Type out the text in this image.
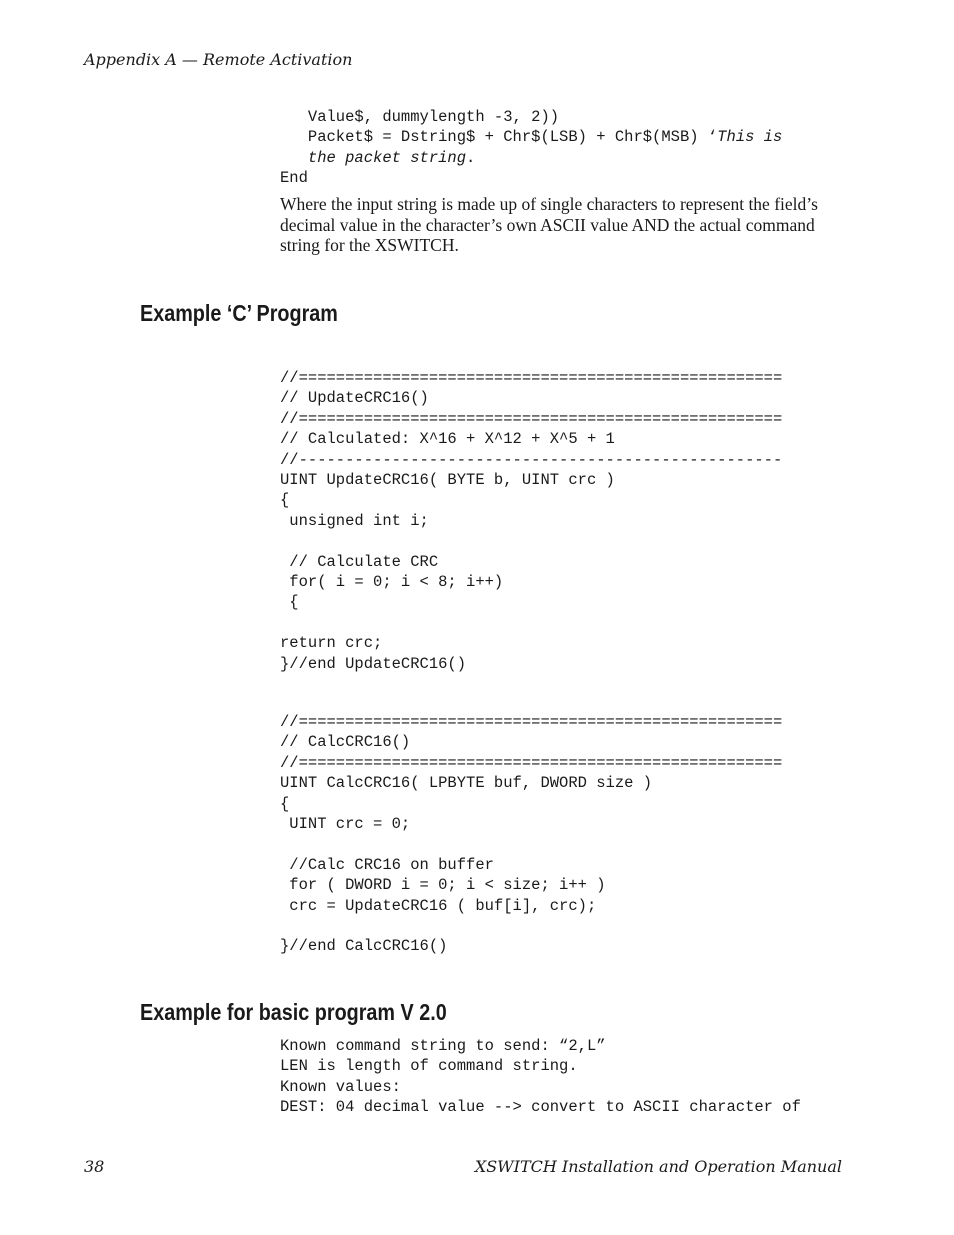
Appendix A — Remote Activation
Value$, dummylength -3, 2))
Packet$ = Dstring$ + Chr$(LSB) + Chr$(MSB) ‘This is
the packet string.
End
Where the input string is made up of single characters to represent the field’s decimal value in the character’s own ASCII value AND the actual command string for the XSWITCH.
Example ‘C’ Program
//====================================================
// UpdateCRC16()
//====================================================
// Calculated: X^16 + X^12 + X^5 + 1
//----------------------------------------------------
UINT UpdateCRC16( BYTE b, UINT crc )
{
unsigned int i;

// Calculate CRC
for( i = 0; i < 8; i++)
{

return crc;
}//end UpdateCRC16()
//====================================================
// CalcCRC16()
//====================================================
UINT CalcCRC16( LPBYTE buf, DWORD size )
{
UINT crc = 0;

//Calc CRC16 on buffer
for ( DWORD i = 0; i < size; i++ )
crc = UpdateCRC16 ( buf[i], crc);

}//end CalcCRC16()
Example for basic program V 2.0
Known command string to send: “2,L”
LEN is length of command string.
Known values:
DEST: 04 decimal value --> convert to ASCII character of
38	XSWITCH Installation and Operation Manual
